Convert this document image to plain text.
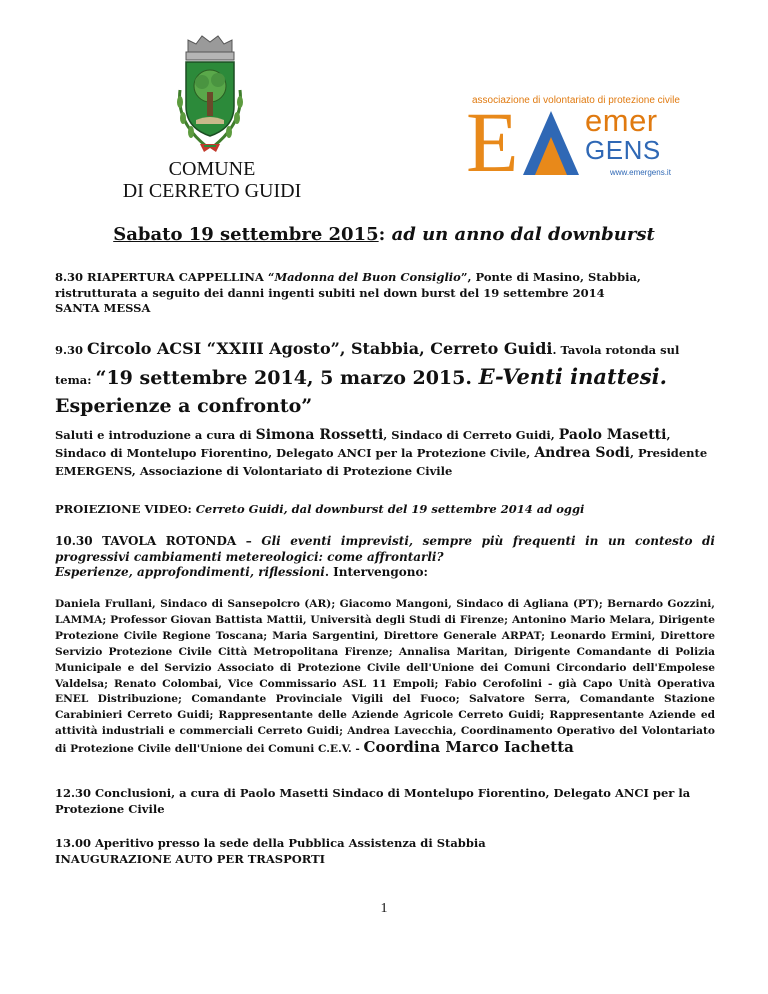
COMUNE
DI CERRETO GUIDI
associazione di volontariato di protezione civile
E emer
GENS
www.emergens.it
Sabato 19 settembre 2015: ad un anno dal downburst

8.30 RIAPERTURA CAPPELLINA “Madonna del Buon Consiglio”, Ponte di Masino, Stabbia, ristrutturata a seguito dei danni ingenti subiti nel down burst del 19 settembre 2014

SANTA MESSA

9.30 Circolo ACSI “XXIII Agosto”, Stabbia, Cerreto Guidi. Tavola rotonda sul tema: “19 settembre 2014, 5 marzo 2015. E-Venti inattesi.

Esperienze a confronto”

Saluti e introduzione a cura di Simona Rossetti, Sindaco di Cerreto Guidi, Paolo Masetti, Sindaco di Montelupo Fiorentino, Delegato ANCI per la Protezione Civile, Andrea Sodi, Presidente EMERGENS, Associazione di Volontariato di Protezione Civile

PROIEZIONE VIDEO: Cerreto Guidi, dal downburst del 19 settembre 2014 ad oggi

10.30 TAVOLA ROTONDA – Gli eventi imprevisti, sempre più frequenti in un contesto di progressivi cambiamenti metereologici: come affrontarli?

Esperienze, approfondimenti, riflessioni. Intervengono:

Daniela Frullani, Sindaco di Sansepolcro (AR); Giacomo Mangoni, Sindaco di Agliana (PT); Bernardo Gozzini, LAMMA; Professor Giovan Battista Mattii, Università degli Studi di Firenze; Antonino Mario Melara, Dirigente Protezione Civile Regione Toscana; Maria Sargentini, Direttore Generale ARPAT; Leonardo Ermini, Direttore Servizio Protezione Civile Città Metropolitana Firenze; Annalisa Maritan, Dirigente Comandante di Polizia Municipale e del Servizio Associato di Protezione Civile dell'Unione dei Comuni Circondario dell'Empolese Valdelsa; Renato Colombai, Vice Commissario ASL 11 Empoli; Fabio Cerofolini - già Capo Unità Operativa ENEL Distribuzione; Comandante Provinciale Vigili del Fuoco; Salvatore Serra, Comandante Stazione Carabinieri Cerreto Guidi; Rappresentante delle Aziende Agricole Cerreto Guidi; Rappresentante Aziende ed attività industriali e commerciali Cerreto Guidi; Andrea Lavecchia, Coordinamento Operativo del Volontariato di Protezione Civile dell'Unione dei Comuni C.E.V. - Coordina Marco Iachetta

12.30 Conclusioni, a cura di Paolo Masetti Sindaco di Montelupo Fiorentino, Delegato ANCI per la Protezione Civile

13.00 Aperitivo presso la sede della Pubblica Assistenza di Stabbia

INAUGURAZIONE AUTO PER TRASPORTI

1
